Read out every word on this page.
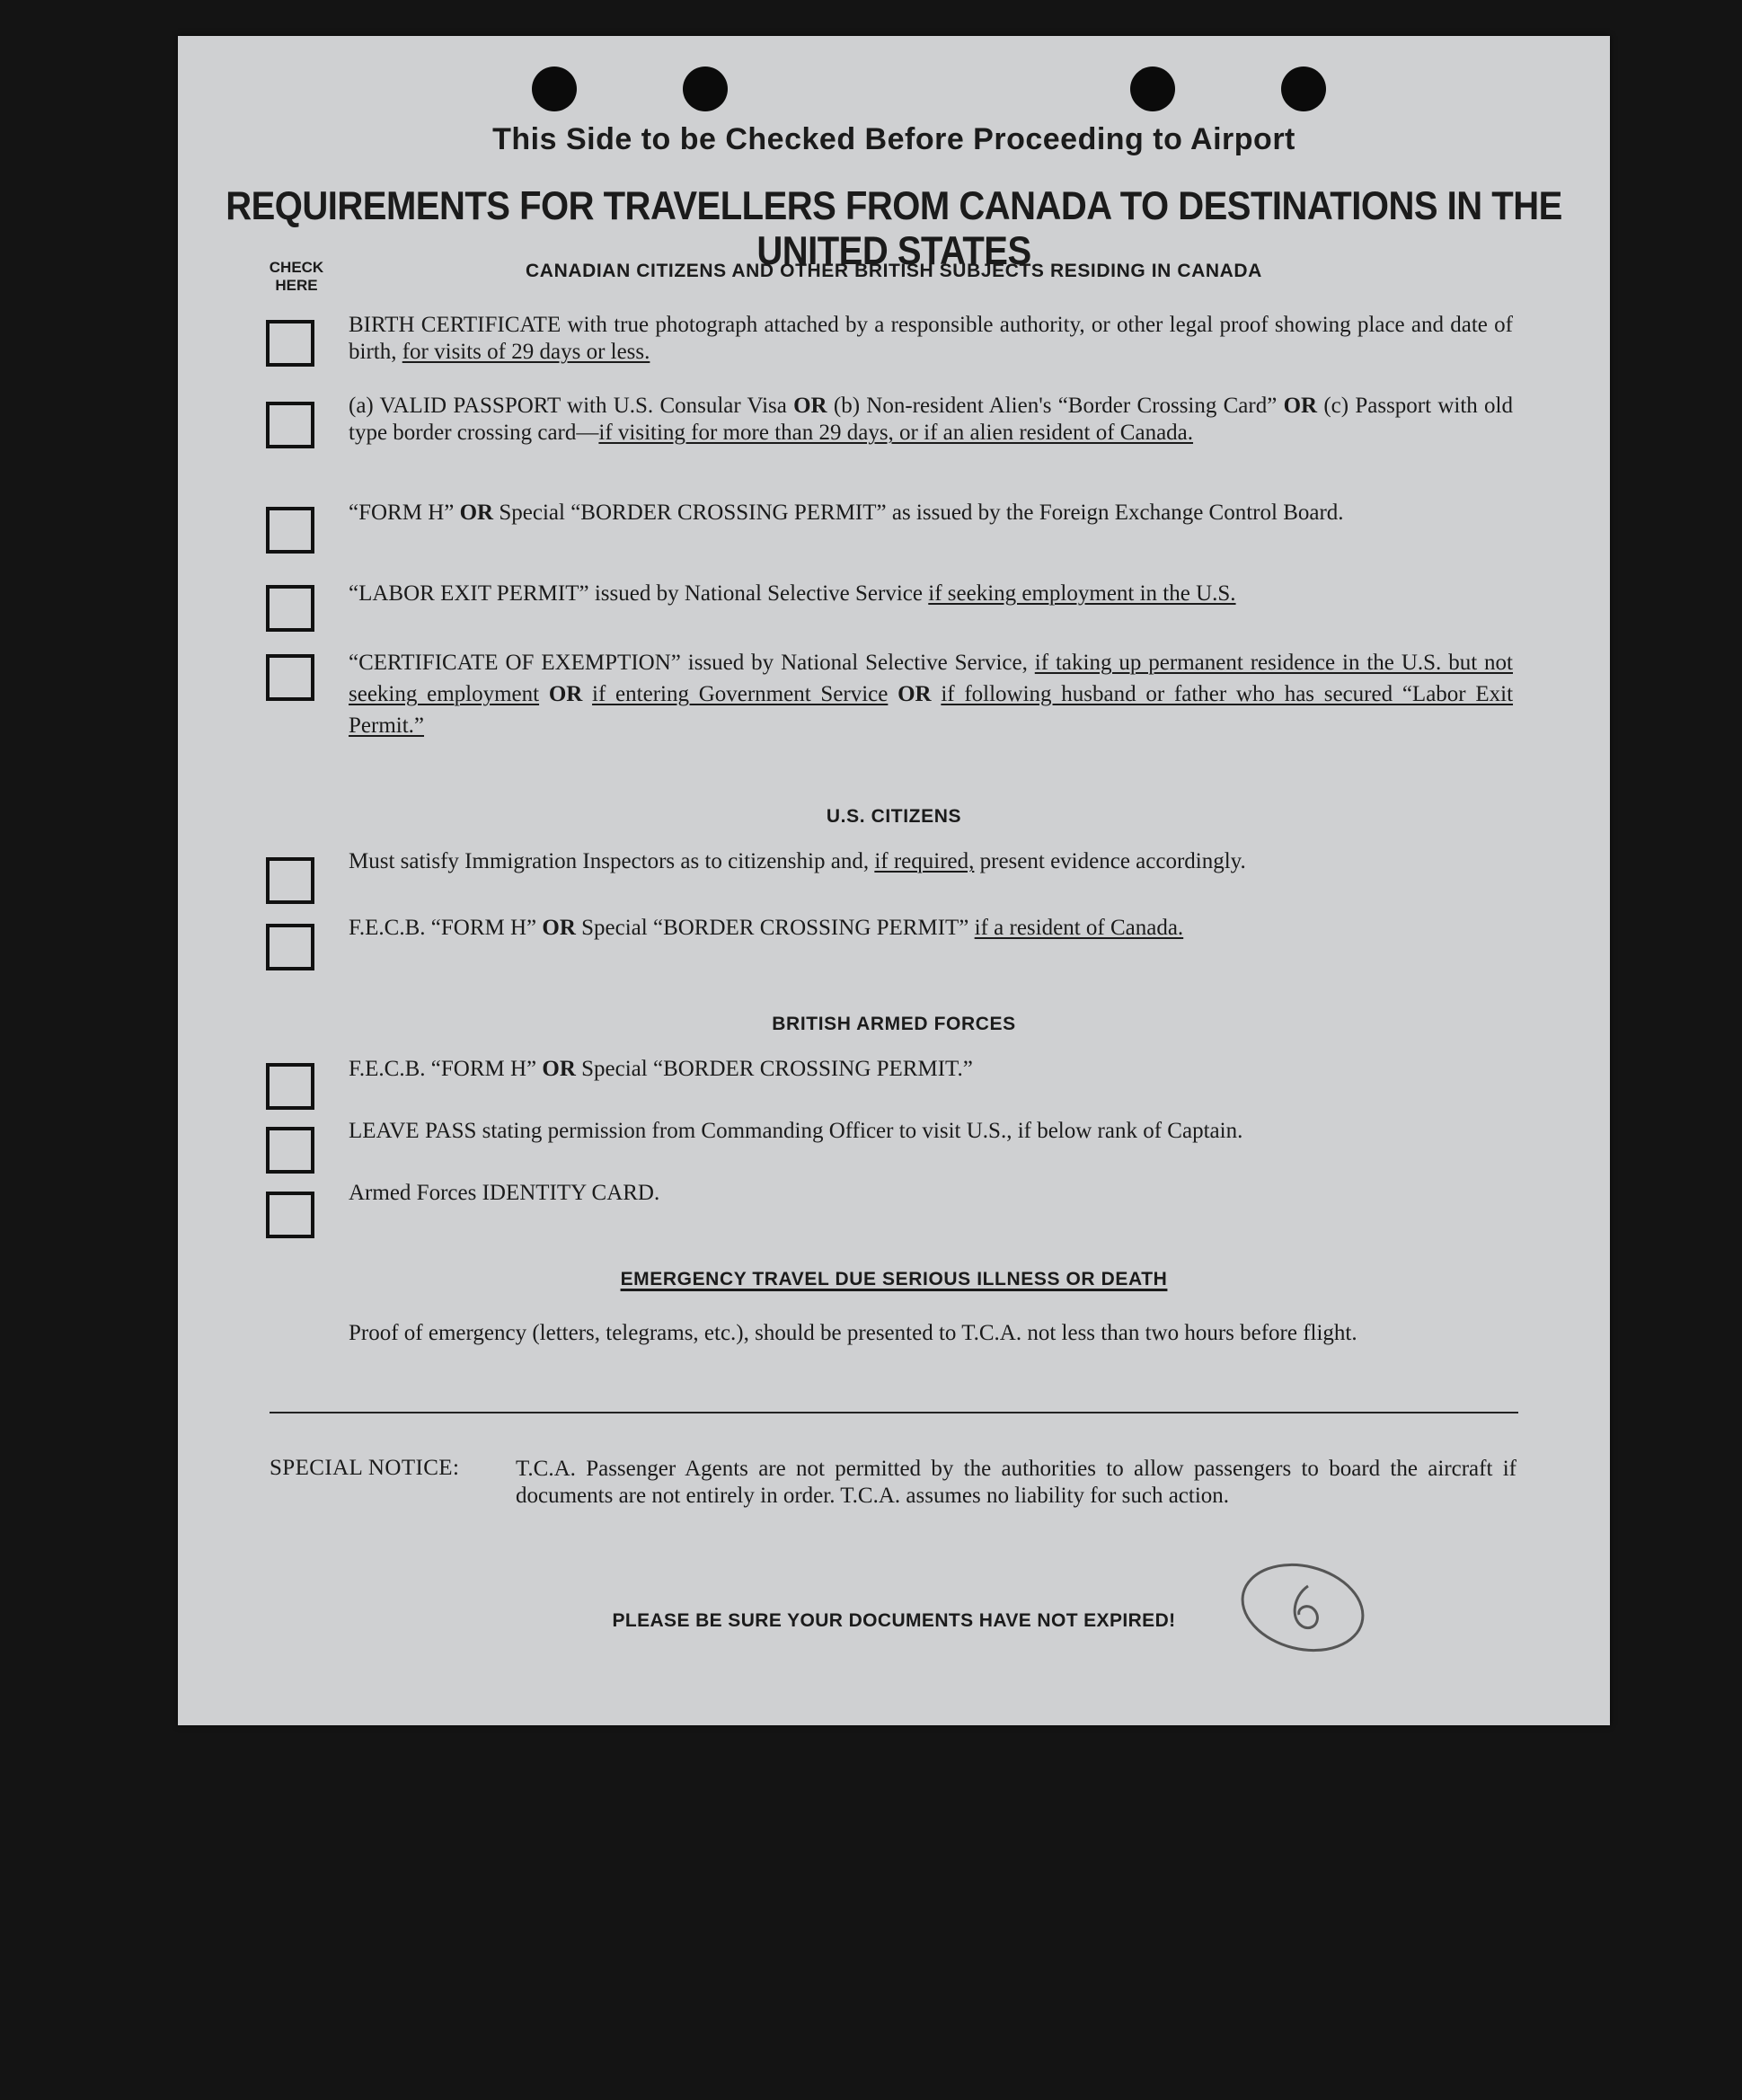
This Side to be Checked Before Proceeding to Airport
REQUIREMENTS FOR TRAVELLERS FROM CANADA TO DESTINATIONS IN THE UNITED STATES
CHECK HERE
CANADIAN CITIZENS AND OTHER BRITISH SUBJECTS RESIDING IN CANADA
BIRTH CERTIFICATE with true photograph attached by a responsible authority, or other legal proof showing place and date of birth, for visits of 29 days or less.
(a) VALID PASSPORT with U.S. Consular Visa OR (b) Non-resident Alien's “Border Crossing Card” OR (c) Passport with old type border crossing card—if visiting for more than 29 days, or if an alien resident of Canada.
“FORM H” OR Special “BORDER CROSSING PERMIT” as issued by the Foreign Exchange Control Board.
“LABOR EXIT PERMIT” issued by National Selective Service if seeking employment in the U.S.
“CERTIFICATE OF EXEMPTION” issued by National Selective Service, if taking up permanent residence in the U.S. but not seeking employment OR if entering Government Service OR if following husband or father who has secured “Labor Exit Permit.”
U.S. CITIZENS
Must satisfy Immigration Inspectors as to citizenship and, if required, present evidence accordingly.
F.E.C.B. “FORM H” OR Special “BORDER CROSSING PERMIT” if a resident of Canada.
BRITISH ARMED FORCES
F.E.C.B. “FORM H” OR Special “BORDER CROSSING PERMIT.”
LEAVE PASS stating permission from Commanding Officer to visit U.S., if below rank of Captain.
Armed Forces IDENTITY CARD.
EMERGENCY TRAVEL DUE SERIOUS ILLNESS OR DEATH
Proof of emergency (letters, telegrams, etc.), should be presented to T.C.A. not less than two hours before flight.
SPECIAL NOTICE:	T.C.A. Passenger Agents are not permitted by the authorities to allow passengers to board the aircraft if documents are not entirely in order. T.C.A. assumes no liability for such action.
PLEASE BE SURE YOUR DOCUMENTS HAVE NOT EXPIRED!
